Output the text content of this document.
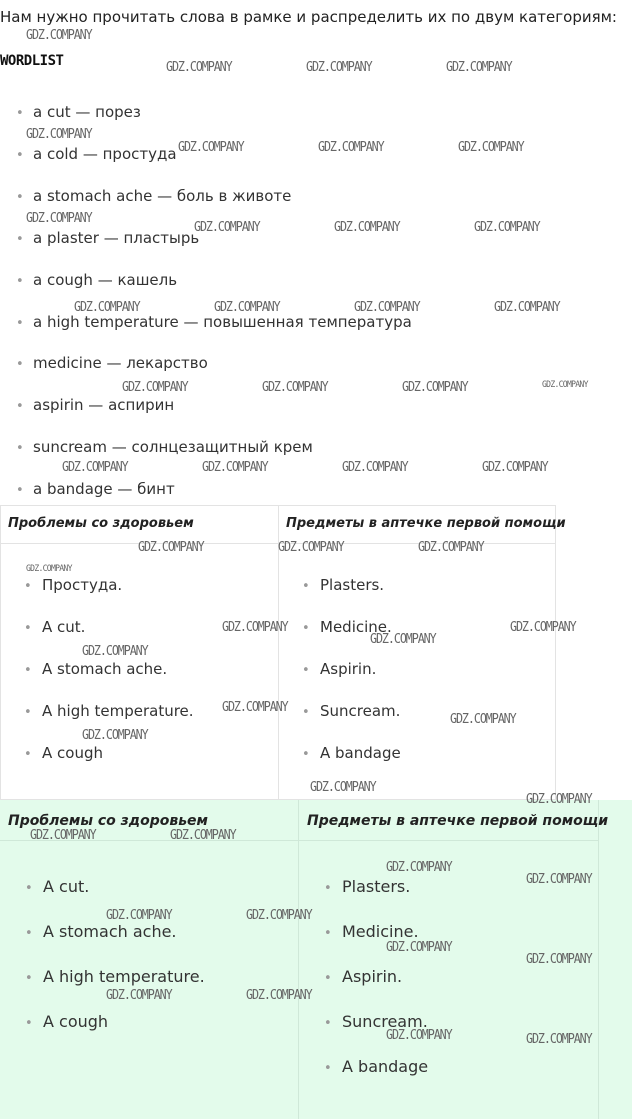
Нам нужно прочитать слова в рамке и распределить их по двум категориям:
WORDLIST
• a cut — порез
• a cold — простуда
• a stomach ache — боль в животе
• a plaster — пластырь
• a cough — кашель
• a high temperature — повышенная температура
• medicine — лекарство
• aspirin — аспирин
• suncream — солнцезащитный крем
• a bandage — бинт
Проблемы со здоровьем	Предметы в аптечке первой помощи
• Простуда.
• A cut.
• A stomach ache.
• A high temperature.
• A cough
• Plasters.
• Medicine.
• Aspirin.
• Suncream.
• A bandage
Проблемы со здоровьем	Предметы в аптечке первой помощи
• A cut.
• A stomach ache.
• A high temperature.
• A cough
• Plasters.
• Medicine.
• Aspirin.
• Suncream.
• A bandage
GDZ.COMPANY
GDZ.COMPANY	GDZ.COMPANY	GDZ.COMPANY
GDZ.COMPANY
GDZ.COMPANY	GDZ.COMPANY	GDZ.COMPANY
GDZ.COMPANY
GDZ.COMPANY	GDZ.COMPANY	GDZ.COMPANY
GDZ.COMPANY	GDZ.COMPANY	GDZ.COMPANY	GDZ.COMPANY
GDZ.COMPANY	GDZ.COMPANY	GDZ.COMPANY	GDZ.COMPANY
GDZ.COMPANY	GDZ.COMPANY	GDZ.COMPANY	GDZ.COMPANY
GDZ.COMPANY	GDZ.COMPANY	GDZ.COMPANY
GDZ.COMPANY
GDZ.COMPANY	GDZ.COMPANY
GDZ.COMPANY
GDZ.COMPANY
GDZ.COMPANY
GDZ.COMPANY
GDZ.COMPANY
GDZ.COMPANY
GDZ.COMPANY
GDZ.COMPANY	GDZ.COMPANY
GDZ.COMPANY
GDZ.COMPANY
GDZ.COMPANY	GDZ.COMPANY
GDZ.COMPANY
GDZ.COMPANY
GDZ.COMPANY	GDZ.COMPANY
GDZ.COMPANY	GDZ.COMPANY
